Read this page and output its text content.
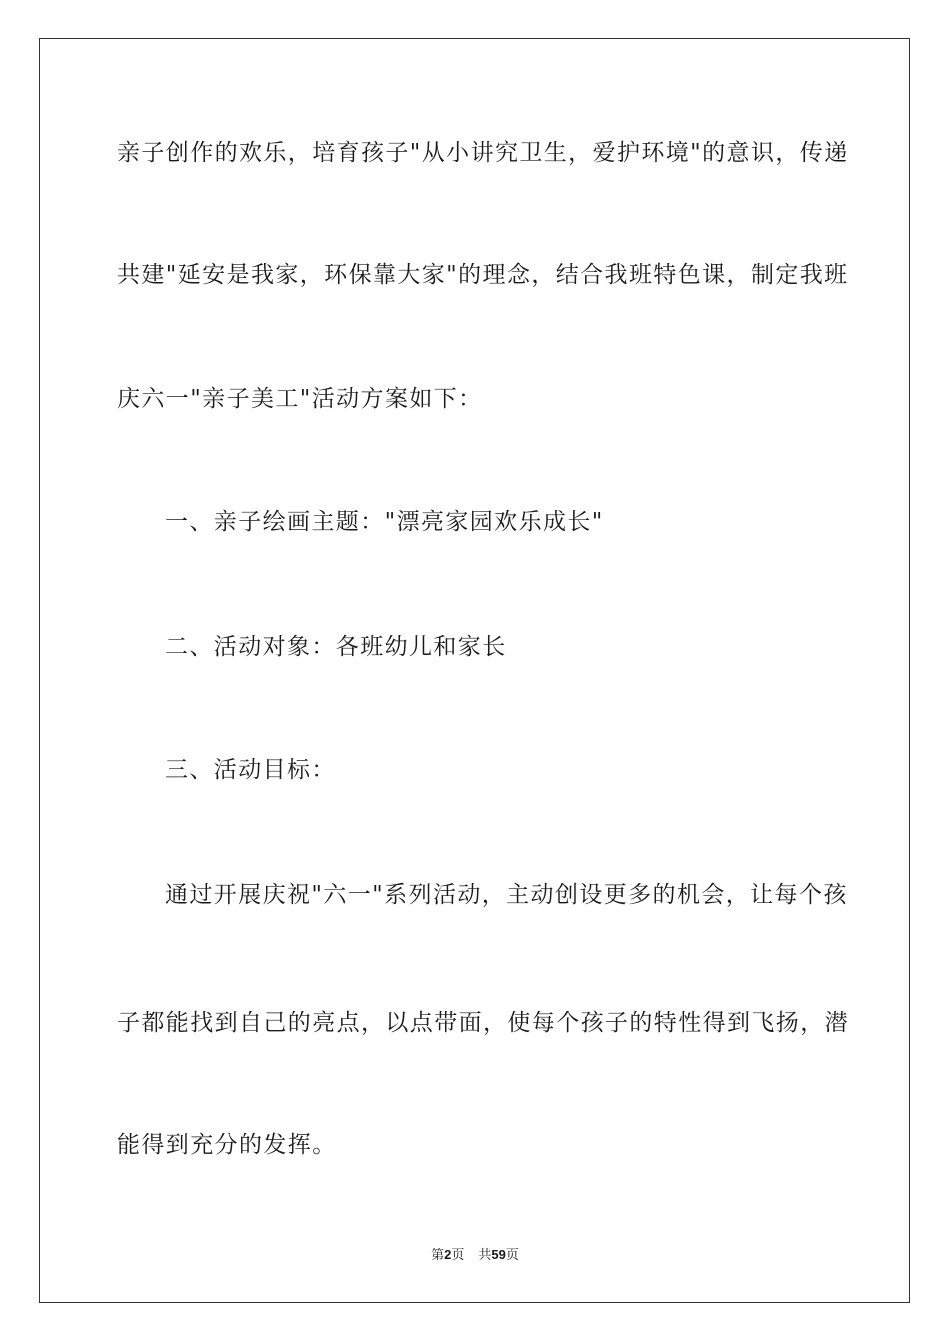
亲子创作的欢乐，培育孩子"从小讲究卫生，爱护环境"的意识，传递
共建"延安是我家，环保靠大家"的理念，结合我班特色课，制定我班
庆六一"亲子美工"活动方案如下：
一、亲子绘画主题："漂亮家园欢乐成长"
二、活动对象：各班幼儿和家长
三、活动目标：
通过开展庆祝"六一"系列活动，主动创设更多的机会，让每个孩
子都能找到自己的亮点，以点带面，使每个孩子的特性得到飞扬，潜
能得到充分的发挥。
第2页 共59页
